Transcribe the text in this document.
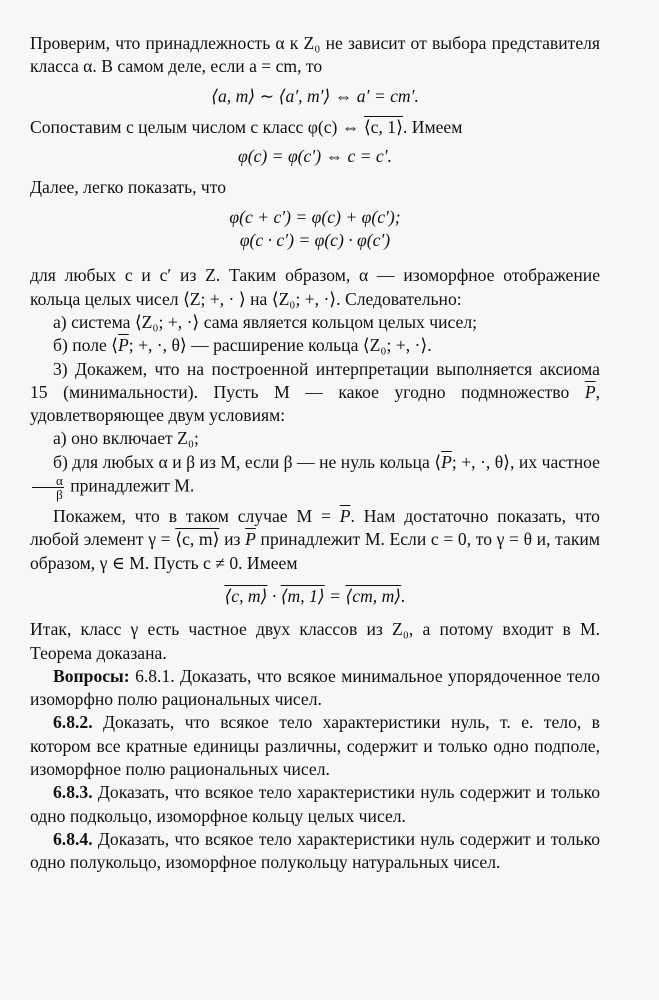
Проверим, что принадлежность α к Z₀ не зависит от выбора представителя класса α. В самом деле, если a = cm, то

⟨a, m⟩ ∼ ⟨a′, m′⟩ ⇔ a′ = cm′.

Сопоставим с целым числом c класс φ(c) ⇔ ⟨c, 1⟩. Имеем

φ(c) = φ(c′) ⇔ c = c′.

Далее, легко показать, что

φ(c + c′) = φ(c) + φ(c′);

φ(c · c′) = φ(c) · φ(c′)

для любых c и c′ из Z. Таким образом, α — изоморфное отображение кольца целых чисел ⟨Z; +, · ⟩ на ⟨Z₀; +, ·⟩. Следовательно:

а) система ⟨Z₀; +, ·⟩ сама является кольцом целых чисел;

б) поле $⟨\overline{P}$; +, ·, θ⟩ — расширение кольца ⟨Z₀; +, ·⟩.

3) Докажем, что на построенной интерпретации выполняется аксиома 15 (минимальности). Пусть M — какое угодно подмножество $\overline{P}$, удовлетворяющее двум условиям:

а) оно включает Z₀;

б) для любых α и β из M, если β — не нуль кольца $⟨\overline{P}$; +, ·, θ⟩, их частное
$\frac{\alpha}{\beta}$ принадлежит M.

Покажем, что в таком случае $M = \overline{P}$. Нам достаточно показать, что любой элемент γ = ⟨c, m⟩ из $\overline{P}$ принадлежит M. Если c = 0, то γ = θ и, таким образом, γ ∈ M. Пусть c ≠ 0. Имеем

⟨c, m⟩ · ⟨m, 1⟩ = ⟨cm, m⟩.

Итак, класс γ есть частное двух классов из Z₀, а потому входит в M. Теорема доказана.

Вопросы: 6.8.1. Доказать, что всякое минимальное упорядоченное тело изоморфно полю рациональных чисел.

6.8.2. Доказать, что всякое тело характеристики нуль, т. е. тело, в котором все кратные единицы различны, содержит и только одно подполе, изоморфное полю рациональных чисел.

6.8.3. Доказать, что всякое тело характеристики нуль содержит и только одно подкольцо, изоморфное кольцу целых чисел.

6.8.4. Доказать, что всякое тело характеристики нуль содержит и только одно полукольцо, изоморфное полукольцу натуральных чисел.
